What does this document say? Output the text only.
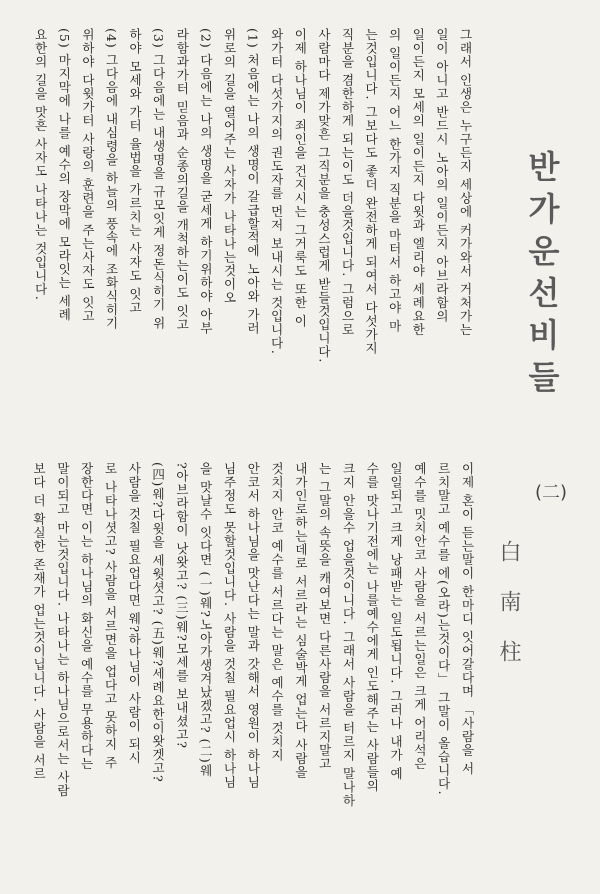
반가운선비들
(二)
白南柱
그래서 인생은 누구든지 세상에 커가와서 거처가는
일이 아니고 반드시 노아의 일이든지 아브라함의
일이든지 모세의 일이든지 다윗과 엘리야 세례요한
의 일이든지 어느 한가지 직분을 마터서 하고야 마
는것입니다. 그보다도 좋더 완전하게 되여서 다섯가지
직분을 겸한하게 되는이도 더을것입니다. 그럼으로
사람마다 제가맞흔 그직분을 충성스럽게 받들것입니다.
이제 하나님이 죄인을 건지시는 그거룩도 또한 이
와가터 다섯가지의 권도자를 먼저 보내시는 것입니다.
(1) 처음에는 나의 생명이 갈급할적에 노아와 가러
위로의 길을 열어주는 사자가 나타나는것이오
(2) 다음에는 나의 생명을 굳세게 하기위하야 아부
라함과가터 믿음과 순종의길을 개척하는이도 잇고
(3) 그다음에는 내생명을 규모잇게 정돈식히기 위
하야 모세와 가터 율법을 가르치는 사자도 잇고
(4) 그다음에 내심령을 하늘의 풍속에 조화식히기
위하야 다윗가터 사랑의 훈련을 주는사자도 잇고
(5) 마지막에 나를 예수의 장막에 모라잇는 세례
요한의 길을 맛흔 사자도 나타나는 것입니다.
이제 혼이 듣는말이 한마디 잇어갈다며 「사람을 서
르치말고 예수를 에(오라)는것이다」 그말이 올습니다.
예수를 밋치안코 사람을 서르는일은 크게 어리석은
일일되고 크게 낭패받는 일도됩니다. 그러나 내가 예
수를 맛나기전에는 나를예수에게 인도해주는 사람들의
크지 안을수 업을것이니다. 그래서 사람을 터르지 말나하
는 그말의 속뜻을 캐여보면 다른사람을 서르지말고
내가인로하는데로 서르라는 심술박게 업는다 사람을
것치지 안코 예수를 서르다는 말은 예수를 것치지
안코서 하나님을 맛난다는 말과 갓해서 영원이 하나님
님주정도 못할것입니다. 사람을 것칠 필요업시 하나님
을 맛날수 잇다면 (一)웨?노아가생겨났겠고? (二)웨
?아브라함이 낫왓고? (三)웨?모세를 보내셨고?
(四)웨?다윗을 세웟셧고? (五)웨?세례요한이왓겟고?
사람을 것칠 필요업다면 웨?하나님이 사람이 되시
로 나타나셧고? 사람을 서르면을 업다고 못하지 주
장한다면 이는 하나님의 화신을 예수를 무용하다는
말이되고 마는것입니다. 나타나는 하나님으로서는 사람
보다 더 확실한 존재가 업는것이닙니다. 사람을 서르
